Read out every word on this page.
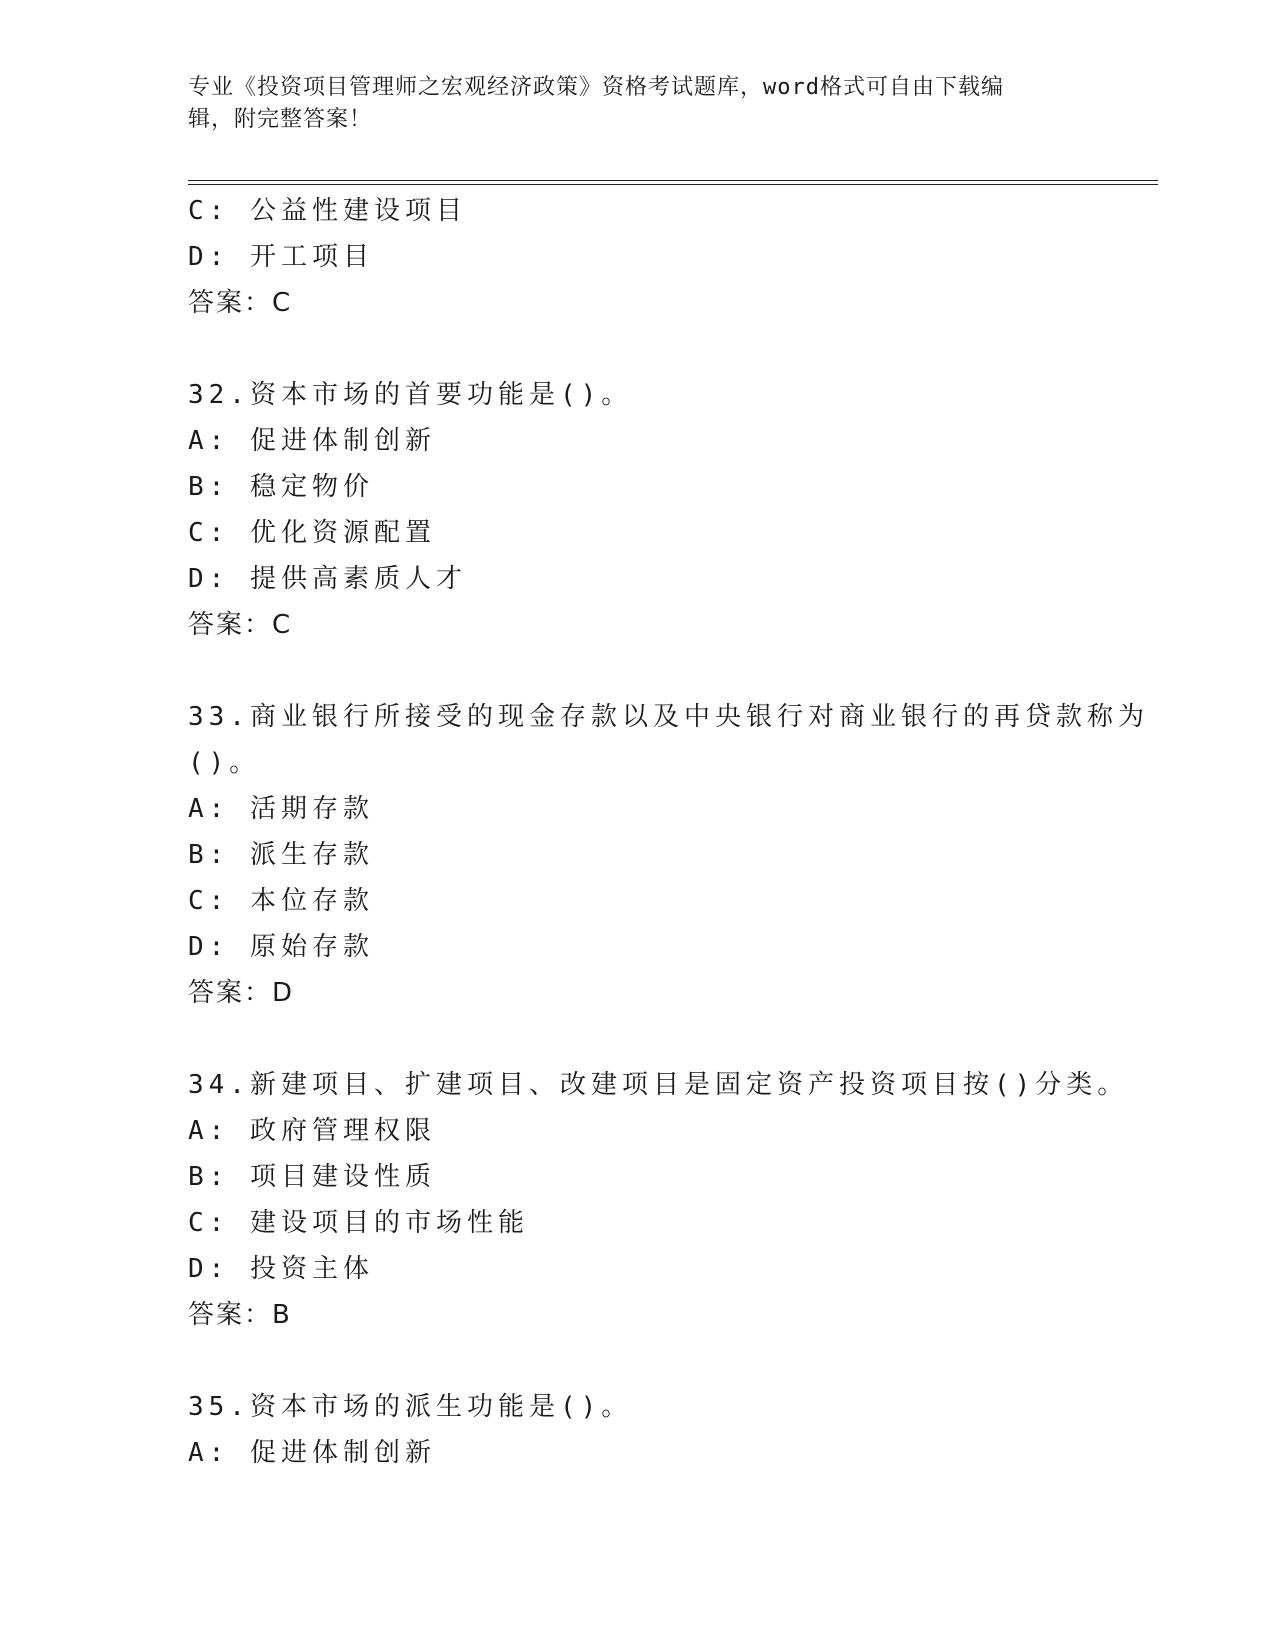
专业《投资项目管理师之宏观经济政策》资格考试题库，word格式可自由下载编
辑，附完整答案！
C: 公益性建设项目
D: 开工项目
答案：C
32.资本市场的首要功能是()。
A: 促进体制创新
B: 稳定物价
C: 优化资源配置
D: 提供高素质人才
答案：C
33.商业银行所接受的现金存款以及中央银行对商业银行的再贷款称为
()。
A: 活期存款
B: 派生存款
C: 本位存款
D: 原始存款
答案：D
34.新建项目、扩建项目、改建项目是固定资产投资项目按()分类。
A: 政府管理权限
B: 项目建设性质
C: 建设项目的市场性能
D: 投资主体
答案：B
35.资本市场的派生功能是()。
A: 促进体制创新
